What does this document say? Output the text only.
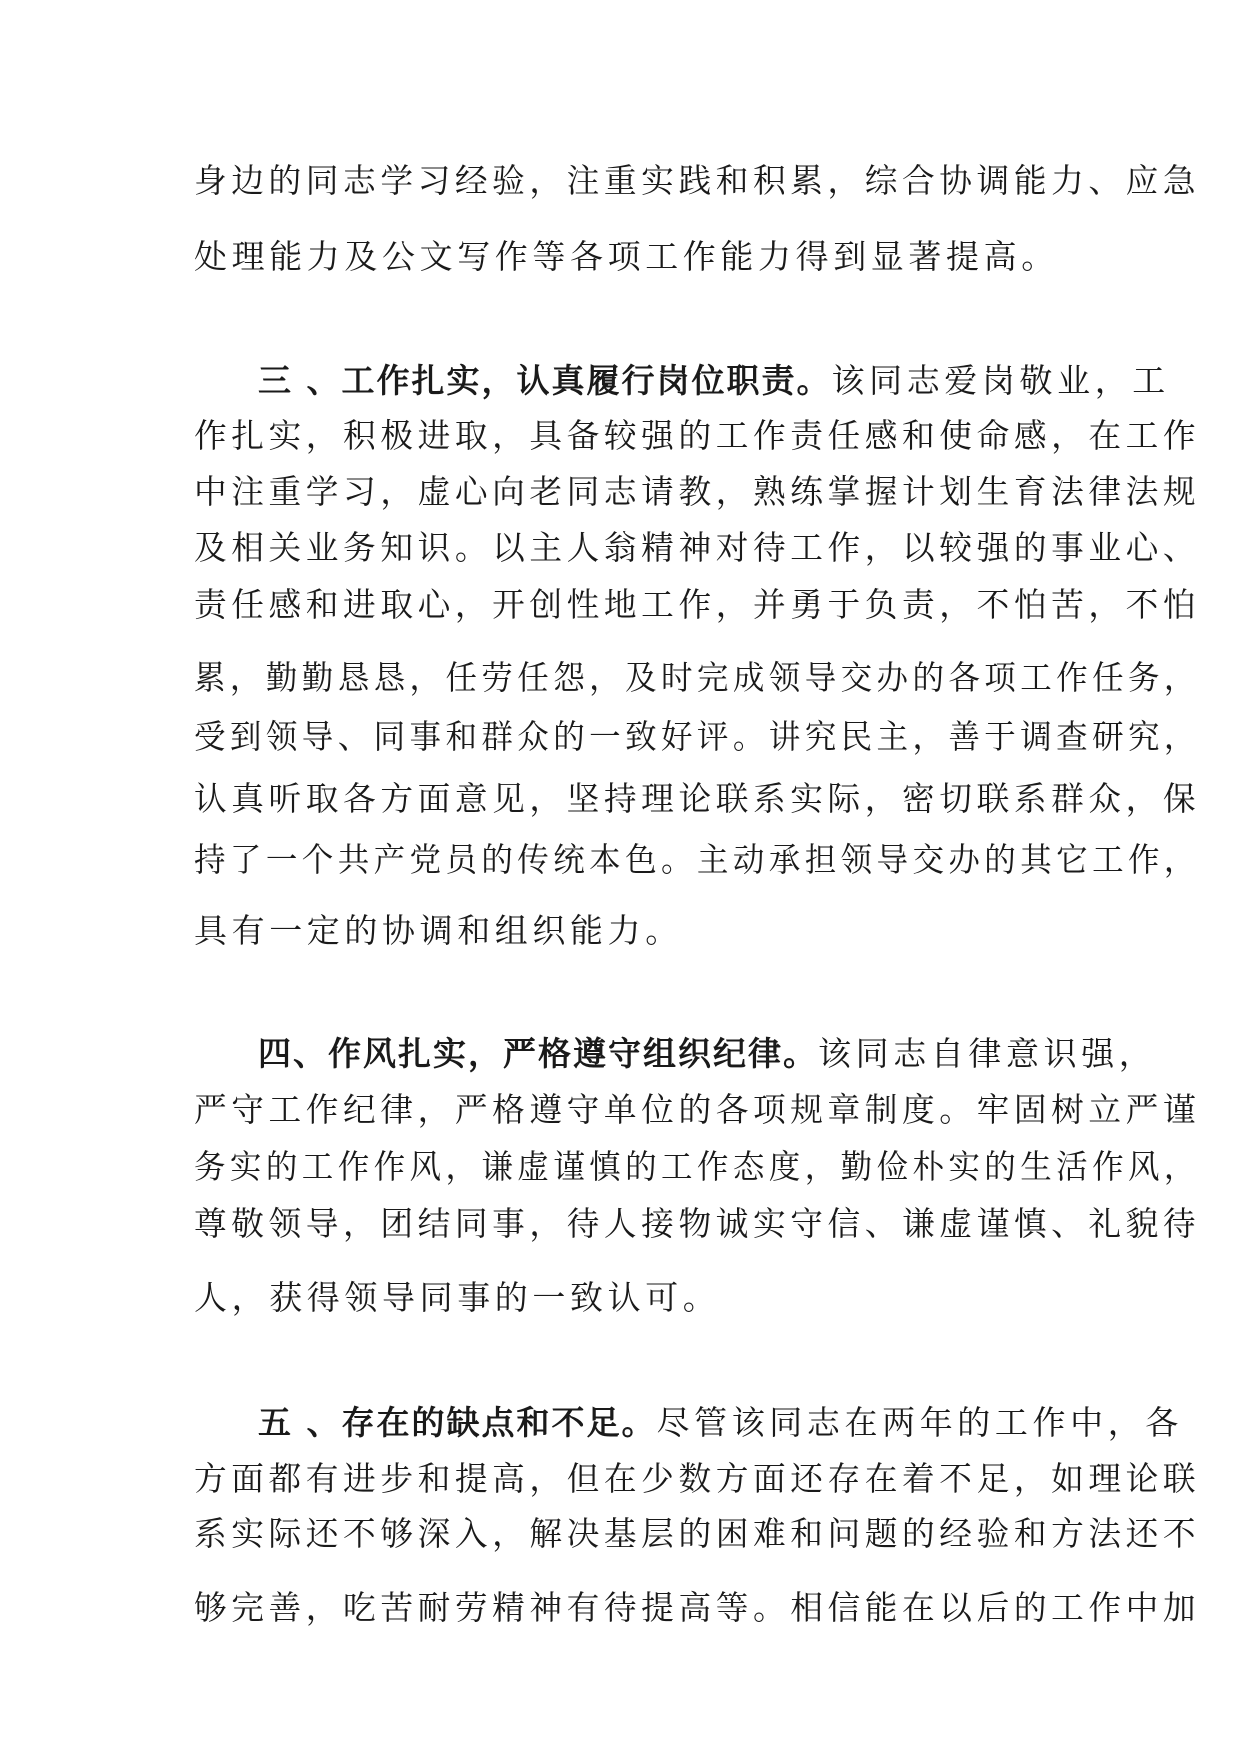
身边的同志学习经验，注重实践和积累，综合协调能力、应急
处理能力及公文写作等各项工作能力得到显著提高。
三 、工作扎实，认真履行岗位职责。该同志爱岗敬业，工
作扎实，积极进取，具备较强的工作责任感和使命感，在工作
中注重学习，虚心向老同志请教，熟练掌握计划生育法律法规
及相关业务知识。以主人翁精神对待工作，以较强的事业心、
责任感和进取心，开创性地工作，并勇于负责，不怕苦，不怕
累，勤勤恳恳，任劳任怨，及时完成领导交办的各项工作任务，
受到领导、同事和群众的一致好评。讲究民主，善于调查研究，
认真听取各方面意见，坚持理论联系实际，密切联系群众，保
持了一个共产党员的传统本色。主动承担领导交办的其它工作，
具有一定的协调和组织能力。
四、作风扎实，严格遵守组织纪律。该同志自律意识强，
严守工作纪律，严格遵守单位的各项规章制度。牢固树立严谨
务实的工作作风，谦虚谨慎的工作态度，勤俭朴实的生活作风，
尊敬领导，团结同事，待人接物诚实守信、谦虚谨慎、礼貌待
人，获得领导同事的一致认可。
五 、存在的缺点和不足。尽管该同志在两年的工作中，各
方面都有进步和提高，但在少数方面还存在着不足，如理论联
系实际还不够深入，解决基层的困难和问题的经验和方法还不
够完善，吃苦耐劳精神有待提高等。相信能在以后的工作中加
